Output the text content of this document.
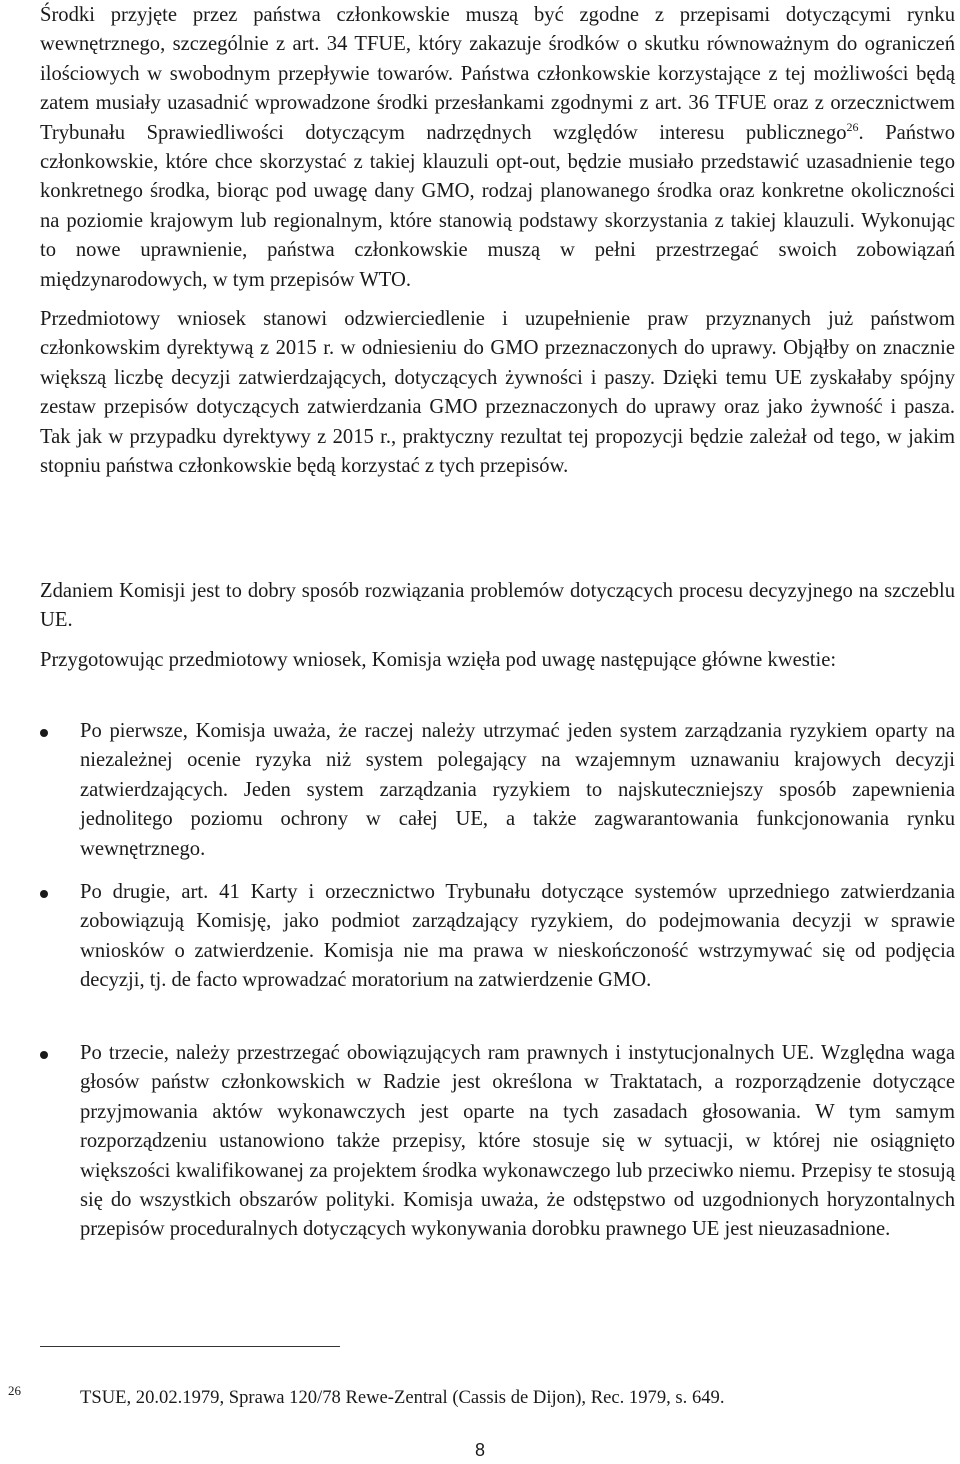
Środki przyjęte przez państwa członkowskie muszą być zgodne z przepisami dotyczącymi rynku wewnętrznego, szczególnie z art. 34 TFUE, który zakazuje środków o skutku równoważnym do ograniczeń ilościowych w swobodnym przepływie towarów. Państwa członkowskie korzystające z tej możliwości będą zatem musiały uzasadnić wprowadzone środki przesłankami zgodnymi z art. 36 TFUE oraz z orzecznictwem Trybunału Sprawiedliwości dotyczącym nadrzędnych względów interesu publicznego$^{26}$. Państwo członkowskie, które chce skorzystać z takiej klauzuli opt-out, będzie musiało przedstawić uzasadnienie tego konkretnego środka, biorąc pod uwagę dany GMO, rodzaj planowanego środka oraz konkretne okoliczności na poziomie krajowym lub regionalnym, które stanowią podstawy skorzystania z takiej klauzuli. Wykonując to nowe uprawnienie, państwa członkowskie muszą w pełni przestrzegać swoich zobowiązań międzynarodowych, w tym przepisów WTO.

Przedmiotowy wniosek stanowi odzwierciedlenie i uzupełnienie praw przyznanych już państwom członkowskim dyrektywą z 2015 r. w odniesieniu do GMO przeznaczonych do uprawy. Objąłby on znacznie większą liczbę decyzji zatwierdzających, dotyczących żywności i paszy. Dzięki temu UE zyskałaby spójny zestaw przepisów dotyczących zatwierdzania GMO przeznaczonych do uprawy oraz jako żywność i pasza. Tak jak w przypadku dyrektywy z 2015 r., praktyczny rezultat tej propozycji będzie zależał od tego, w jakim stopniu państwa członkowskie będą korzystać z tych przepisów.

Zdaniem Komisji jest to dobry sposób rozwiązania problemów dotyczących procesu decyzyjnego na szczeblu UE.

Przygotowując przedmiotowy wniosek, Komisja wzięła pod uwagę następujące główne kwestie:

Po pierwsze, Komisja uważa, że raczej należy utrzymać jeden system zarządzania ryzykiem oparty na niezależnej ocenie ryzyka niż system polegający na wzajemnym uznawaniu krajowych decyzji zatwierdzających. Jeden system zarządzania ryzykiem to najskuteczniejszy sposób zapewnienia jednolitego poziomu ochrony w całej UE, a także zagwarantowania funkcjonowania rynku wewnętrznego.

Po drugie, art. 41 Karty i orzecznictwo Trybunału dotyczące systemów uprzedniego zatwierdzania zobowiązują Komisję, jako podmiot zarządzający ryzykiem, do podejmowania decyzji w sprawie wniosków o zatwierdzenie. Komisja nie ma prawa w nieskończoność wstrzymywać się od podjęcia decyzji, tj. de facto wprowadzać moratorium na zatwierdzenie GMO.

Po trzecie, należy przestrzegać obowiązujących ram prawnych i instytucjonalnych UE. Względna waga głosów państw członkowskich w Radzie jest określona w Traktatach, a rozporządzenie dotyczące przyjmowania aktów wykonawczych jest oparte na tych zasadach głosowania. W tym samym rozporządzeniu ustanowiono także przepisy, które stosuje się w sytuacji, w której nie osiągnięto większości kwalifikowanej za projektem środka wykonawczego lub przeciwko niemu. Przepisy te stosują się do wszystkich obszarów polityki. Komisja uważa, że odstępstwo od uzgodnionych horyzontalnych przepisów proceduralnych dotyczących wykonywania dorobku prawnego UE jest nieuzasadnione.

26	TSUE, 20.02.1979, Sprawa 120/78 Rewe-Zentral (Cassis de Dijon), Rec. 1979, s. 649.
8
